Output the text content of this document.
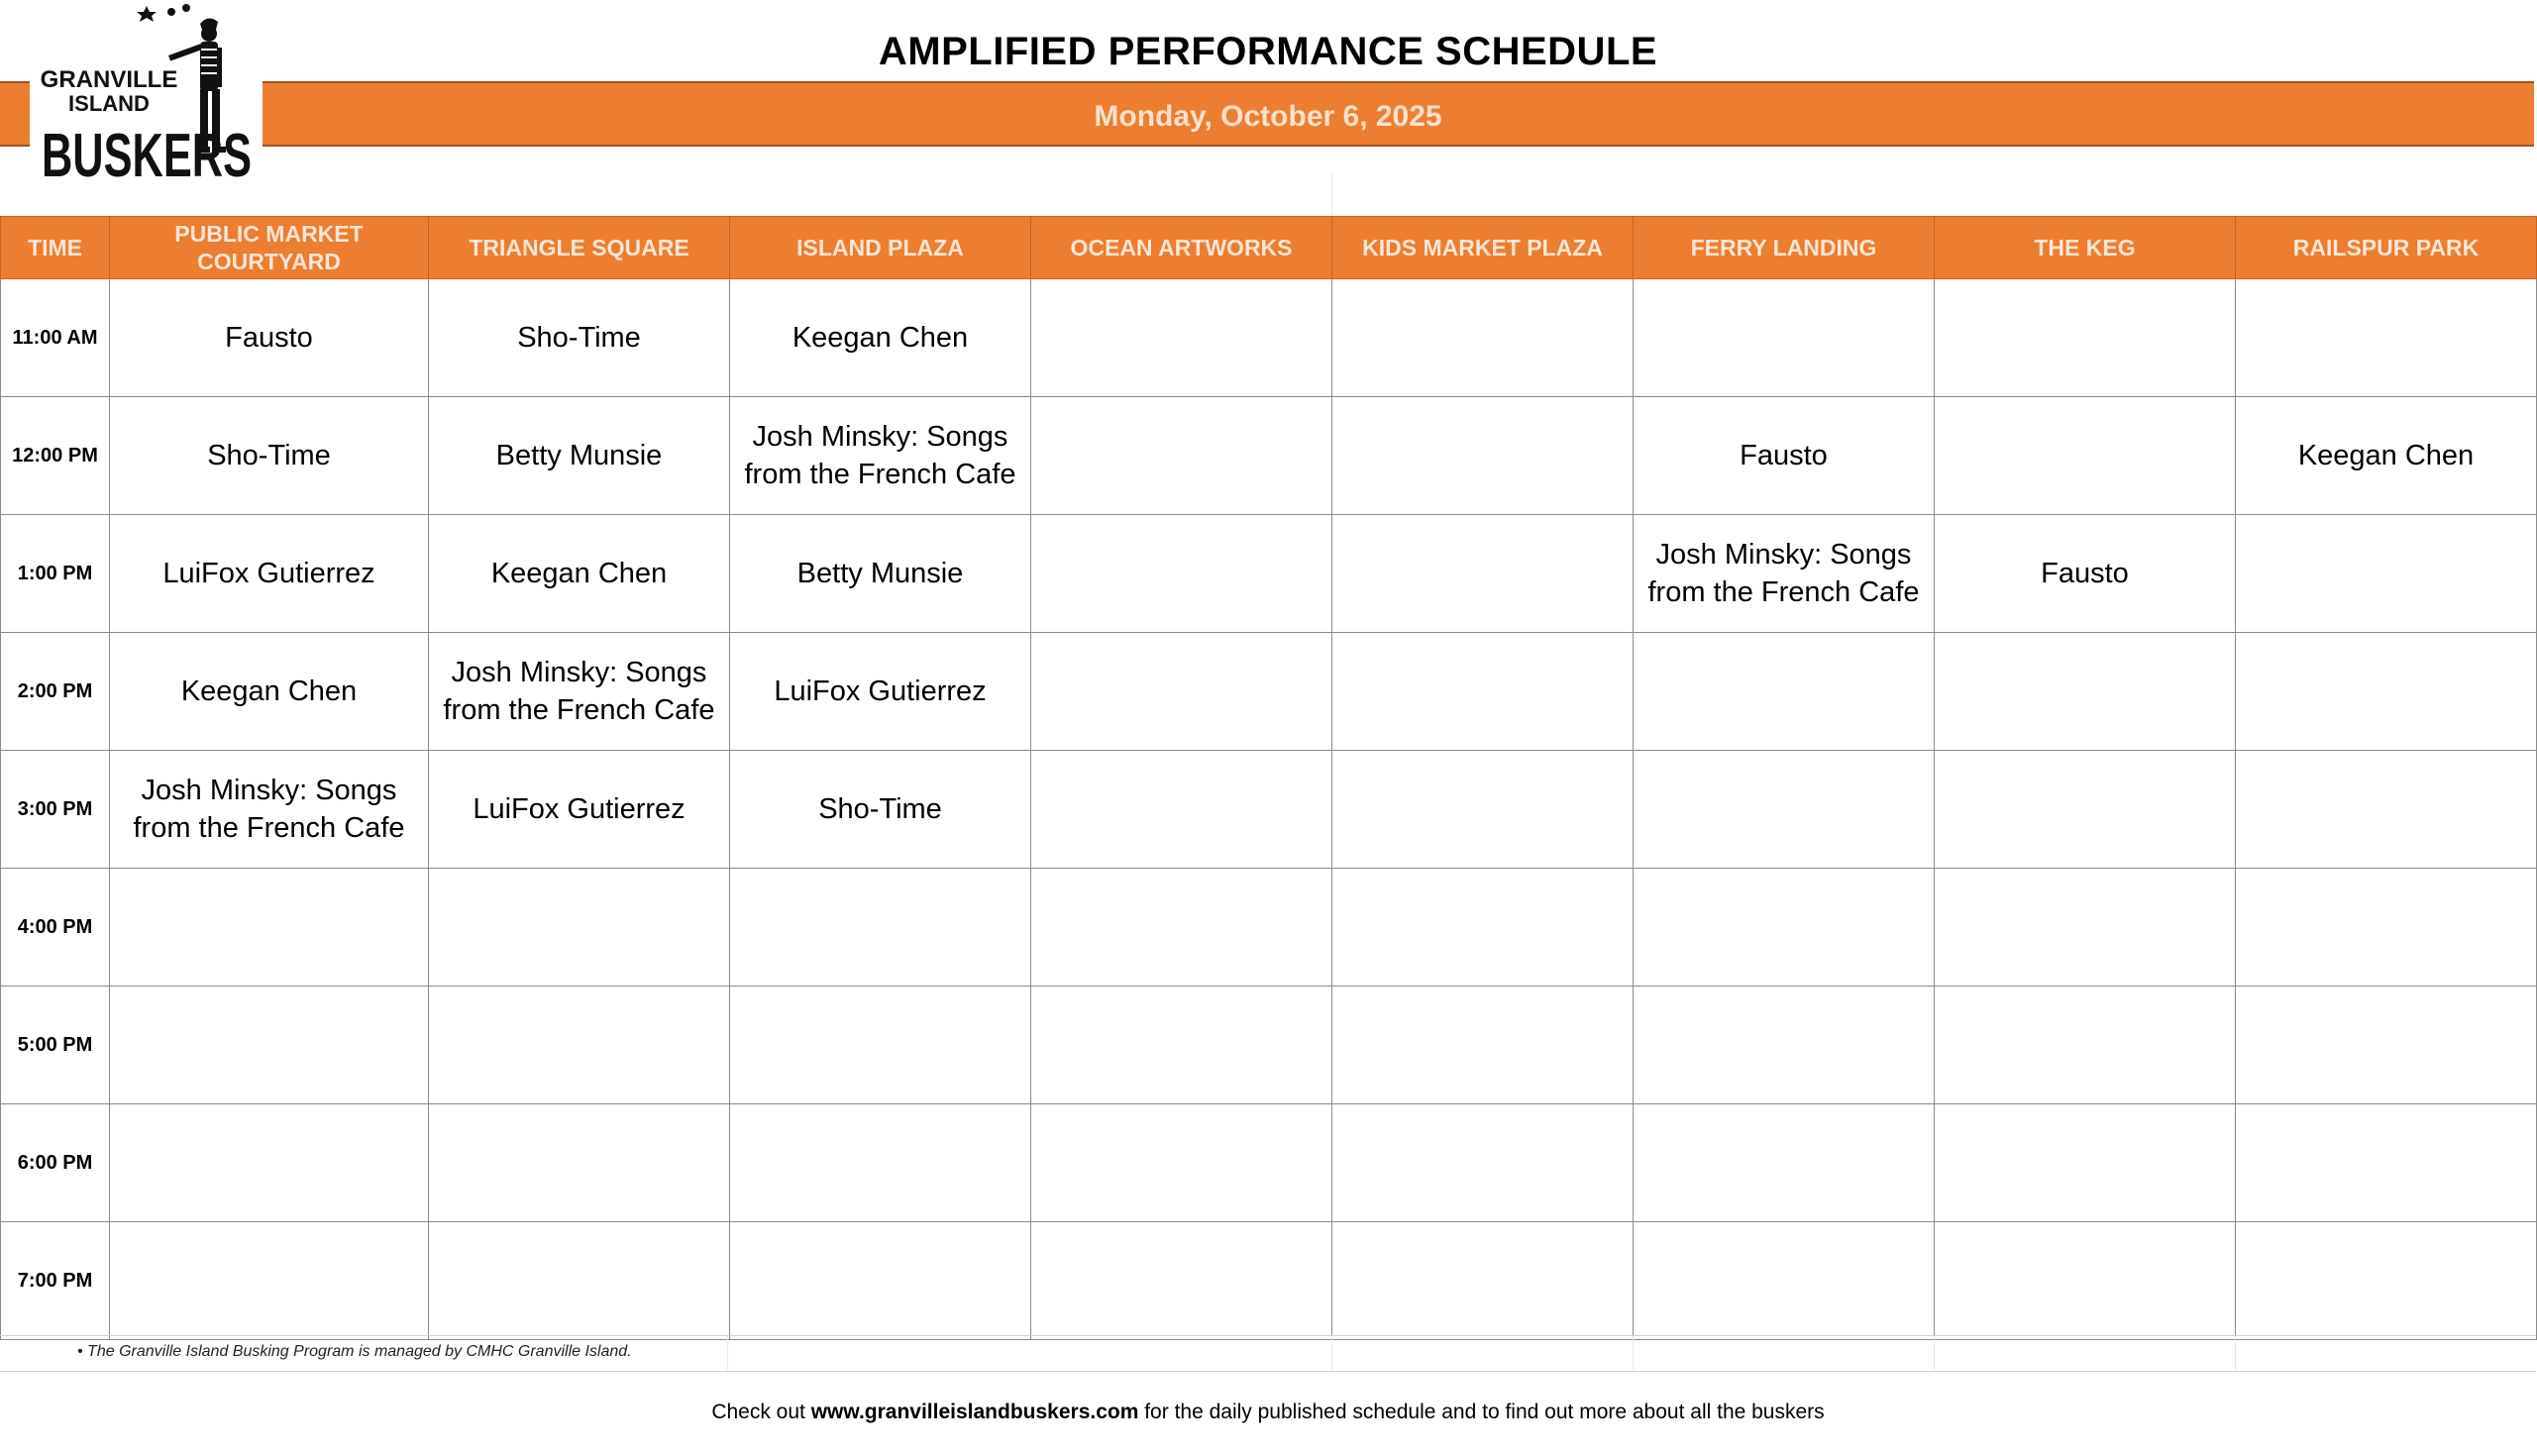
Monday, October 6, 2025
AMPLIFIED PERFORMANCE SCHEDULE
GRANVILLE
ISLAND
BUSKERS
TIME	PUBLIC MARKET COURTYARD	TRIANGLE SQUARE	ISLAND PLAZA	OCEAN ARTWORKS	KIDS MARKET PLAZA	FERRY LANDING	THE KEG	RAILSPUR PARK
11:00 AM	Fausto	Sho-Time	Keegan Chen					
12:00 PM	Sho-Time	Betty Munsie	Josh Minsky: Songs from the French Cafe			Fausto		Keegan Chen
1:00 PM	LuiFox Gutierrez	Keegan Chen	Betty Munsie			Josh Minsky: Songs from the French Cafe	Fausto	
2:00 PM	Keegan Chen	Josh Minsky: Songs from the French Cafe	LuiFox Gutierrez					
3:00 PM	Josh Minsky: Songs from the French Cafe	LuiFox Gutierrez	Sho-Time					
4:00 PM								
5:00 PM								
6:00 PM								
7:00 PM								
• The Granville Island Busking Program is managed by CMHC Granville Island.
Check out www.granvilleislandbuskers.com for the daily published schedule and to find out more about all the buskers
